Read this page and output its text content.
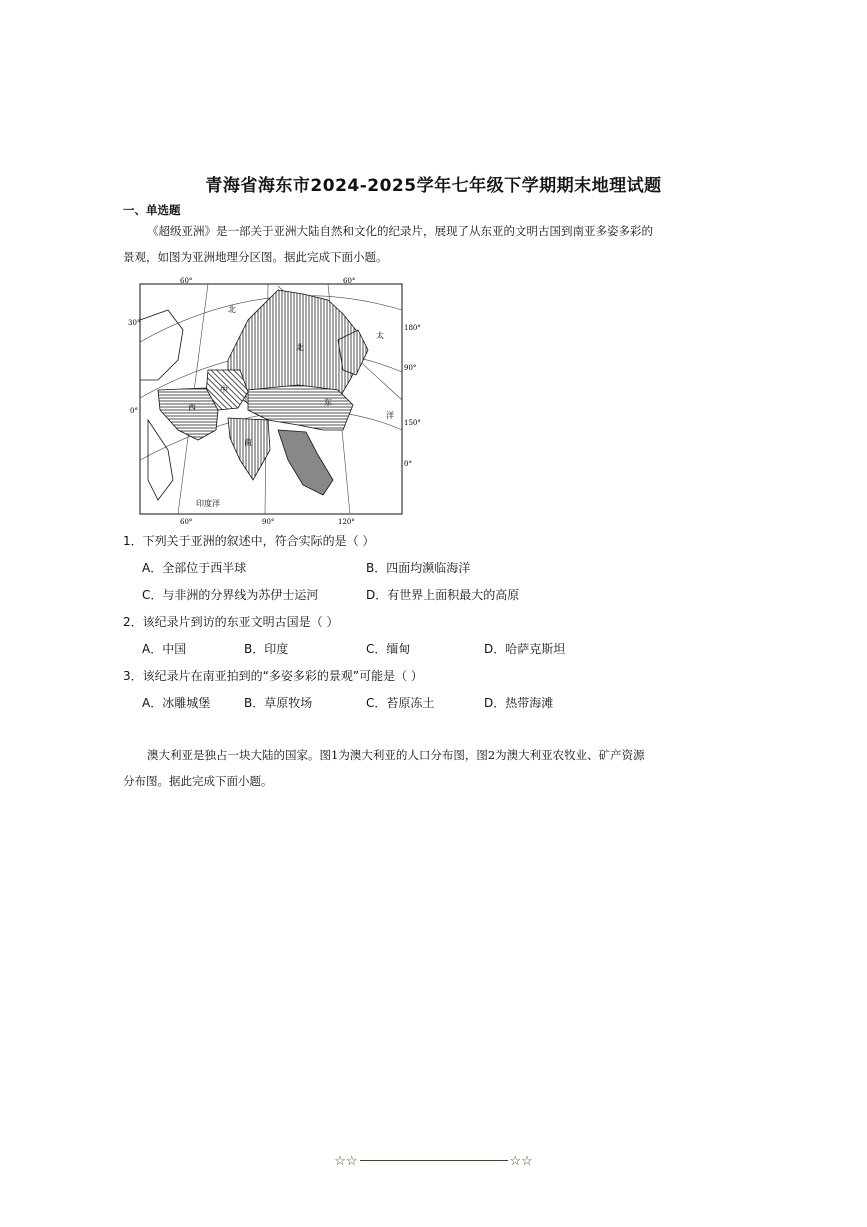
青海省海东市2024-2025学年七年级下学期期末地理试题
一、单选题
《超级亚洲》是一部关于亚洲大陆自然和文化的纪录片，展现了从东亚的文明古国到南亚多姿多彩的
景观，如图为亚洲地理分区图。据此完成下面小题。
60°	60°
30°
0°
180°
90°
150°
0°
60°	90°	120°
北
印度洋
太
洋
西
中
南
东
北
1．下列关于亚洲的叙述中，符合实际的是（ ）
A．全部位于西半球	B．四面均濒临海洋
C．与非洲的分界线为苏伊士运河	D．有世界上面积最大的高原
2．该纪录片到访的东亚文明古国是（ ）
A．中国	B．印度	C．缅甸	D．哈萨克斯坦
3．该纪录片在南亚拍到的“多姿多彩的景观”可能是（ ）
A．冰雕城堡	B．草原牧场	C．苔原冻土	D．热带海滩
澳大利亚是独占一块大陆的国家。图1为澳大利亚的人口分布图，图2为澳大利亚农牧业、矿产资源
分布图。据此完成下面小题。
☆☆	☆☆
